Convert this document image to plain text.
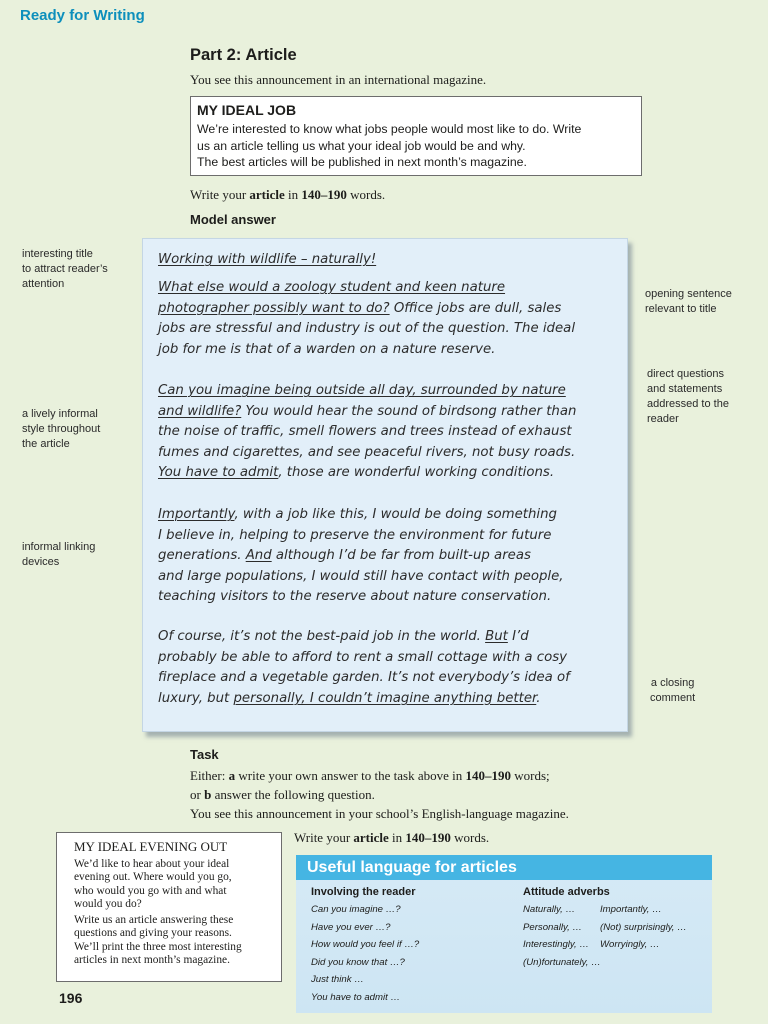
Ready for Writing
Part 2: Article
You see this announcement in an international magazine.
MY IDEAL JOB
We’re interested to know what jobs people would most like to do. Write
us an article telling us what your ideal job would be and why.
The best articles will be published in next month’s magazine.
Write your article in 140–190 words.
Model answer
interesting title
to attract reader’s
attention
a lively informal
style throughout
the article
informal linking
devices
opening sentence
relevant to title
direct questions
and statements
addressed to the
reader
a closing
comment
Working with wildlife – naturally!
What else would a zoology student and keen nature
photographer possibly want to do? Office jobs are dull, sales
jobs are stressful and industry is out of the question. The ideal
job for me is that of a warden on a nature reserve.
Can you imagine being outside all day, surrounded by nature
and wildlife? You would hear the sound of birdsong rather than
the noise of traffic, smell flowers and trees instead of exhaust
fumes and cigarettes, and see peaceful rivers, not busy roads.
You have to admit, those are wonderful working conditions.
Importantly, with a job like this, I would be doing something
I believe in, helping to preserve the environment for future
generations. And although I’d be far from built-up areas
and large populations, I would still have contact with people,
teaching visitors to the reserve about nature conservation.
Of course, it’s not the best-paid job in the world. But I’d
probably be able to afford to rent a small cottage with a cosy
fireplace and a vegetable garden. It’s not everybody’s idea of
luxury, but personally, I couldn’t imagine anything better.
Task
Either: a write your own answer to the task above in 140–190 words;
or b answer the following question.
You see this announcement in your school’s English-language magazine.
MY IDEAL EVENING OUT

We’d like to hear about your ideal
evening out. Where would you go,
who would you go with and what
would you do?

Write us an article answering these
questions and giving your reasons.
We’ll print the three most interesting
articles in next month’s magazine.

Write your article in 140–190 words.
Useful language for articles
Involving the reader
Can you imagine …?
Have you ever …?
How would you feel if …?
Did you know that …?
Just think …
You have to admit …
Attitude adverbs
Naturally, …
Personally, …
Interestingly, …
(Un)fortunately, …
Importantly, …
(Not) surprisingly, …
Worryingly, …
196
